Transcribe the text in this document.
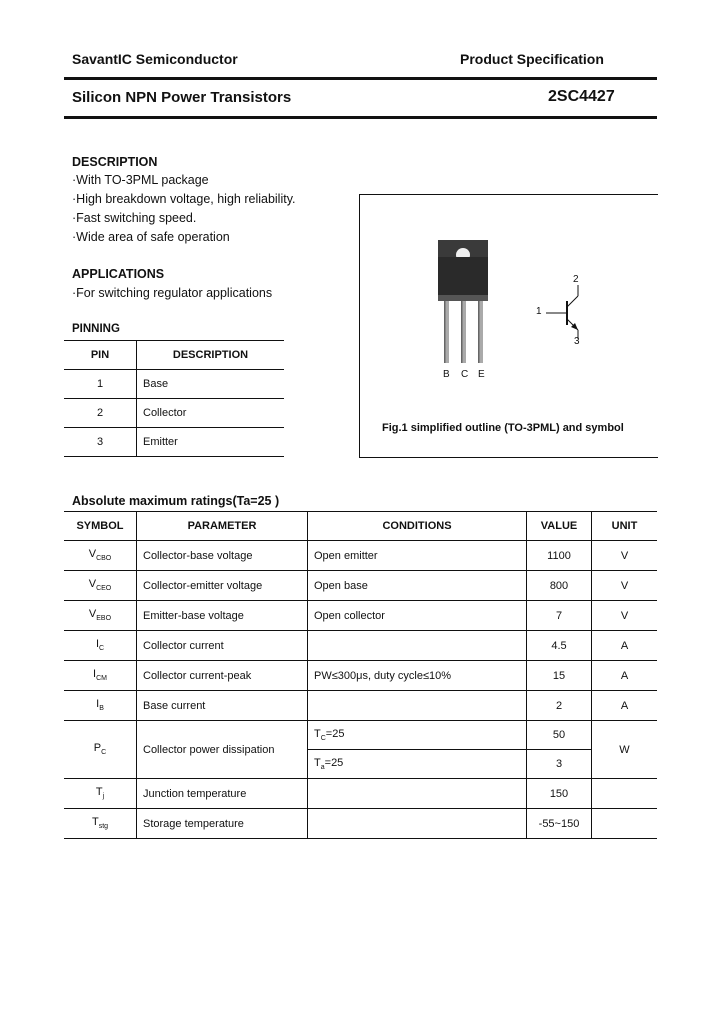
SavantIC Semiconductor	Product Specification
Silicon NPN Power Transistors	2SC4427
DESCRIPTION
·With TO-3PML package
·High breakdown voltage, high reliability.
·Fast switching speed.
·Wide area of safe operation
APPLICATIONS
·For switching regulator applications
PINNING
PIN	DESCRIPTION
1	Base
2	Collector
3	Emitter
B C E
1
2
3
Fig.1 simplified outline (TO-3PML) and symbol
Absolute maximum ratings(Ta=25 )
SYMBOL	PARAMETER	CONDITIONS	VALUE	UNIT
$V_{CBO}$	Collector-base voltage	Open emitter	1100	V
$V_{CEO}$	Collector-emitter voltage	Open base	800	V
$V_{EBO}$	Emitter-base voltage	Open collector	7	V
$I_C$	Collector current		4.5	A
$I_{CM}$	Collector current-peak	PW≤300μs, duty cycle≤10%	15	A
$I_B$	Base current		2	A
$P_C$	Collector power dissipation	$T_C=25$	50	W
		$T_a=25$	3	
$T_j$	Junction temperature		150	
$T_{stg}$	Storage temperature		-55~150	
